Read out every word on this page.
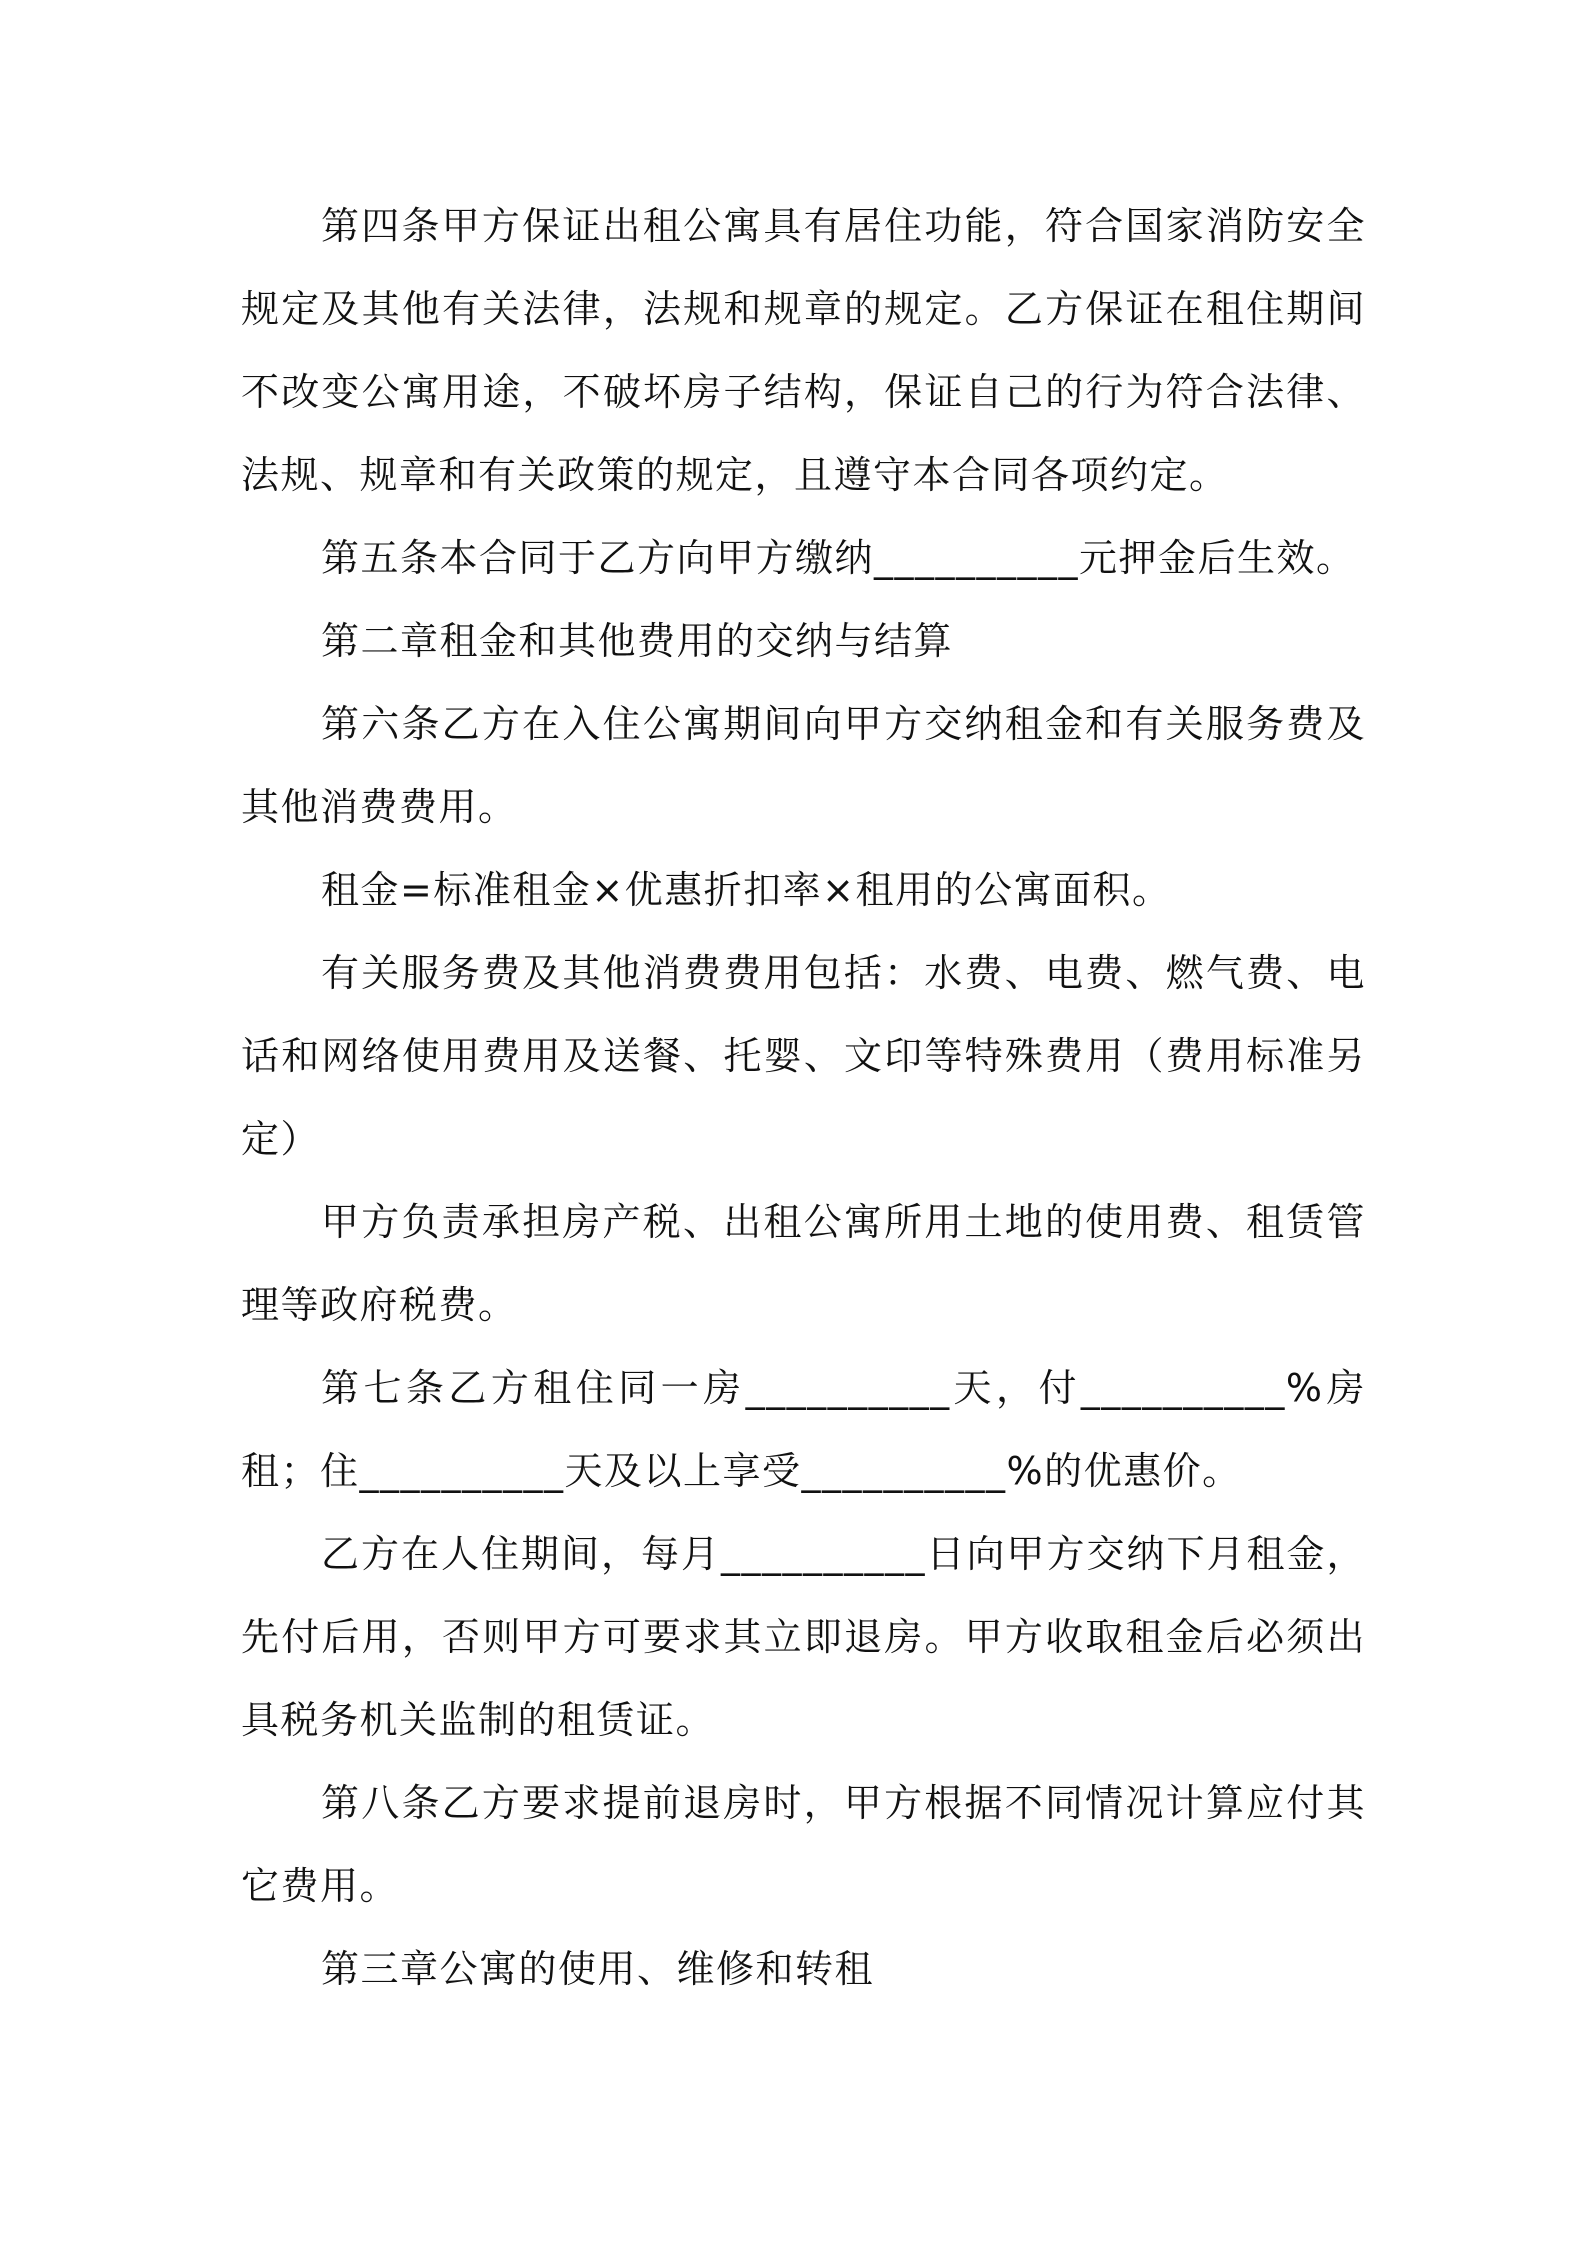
第四条甲方保证出租公寓具有居住功能，符合国家消防安全规定及其他有关法律，法规和规章的规定。乙方保证在租住期间不改变公寓用途，不破坏房子结构，保证自己的行为符合法律、法规、规章和有关政策的规定，且遵守本合同各项约定。

第五条本合同于乙方向甲方缴纳__________元押金后生效。

第二章租金和其他费用的交纳与结算

第六条乙方在入住公寓期间向甲方交纳租金和有关服务费及其他消费费用。

租金=标准租金×优惠折扣率×租用的公寓面积。

有关服务费及其他消费费用包括：水费、电费、燃气费、电话和网络使用费用及送餐、托婴、文印等特殊费用（费用标准另定）

甲方负责承担房产税、出租公寓所用土地的使用费、租赁管理等政府税费。

第七条乙方租住同一房__________天，付__________%房租；住__________天及以上享受__________%的优惠价。

乙方在人住期间，每月__________日向甲方交纳下月租金，先付后用，否则甲方可要求其立即退房。甲方收取租金后必须出具税务机关监制的租赁证。

第八条乙方要求提前退房时，甲方根据不同情况计算应付其它费用。

第三章公寓的使用、维修和转租
